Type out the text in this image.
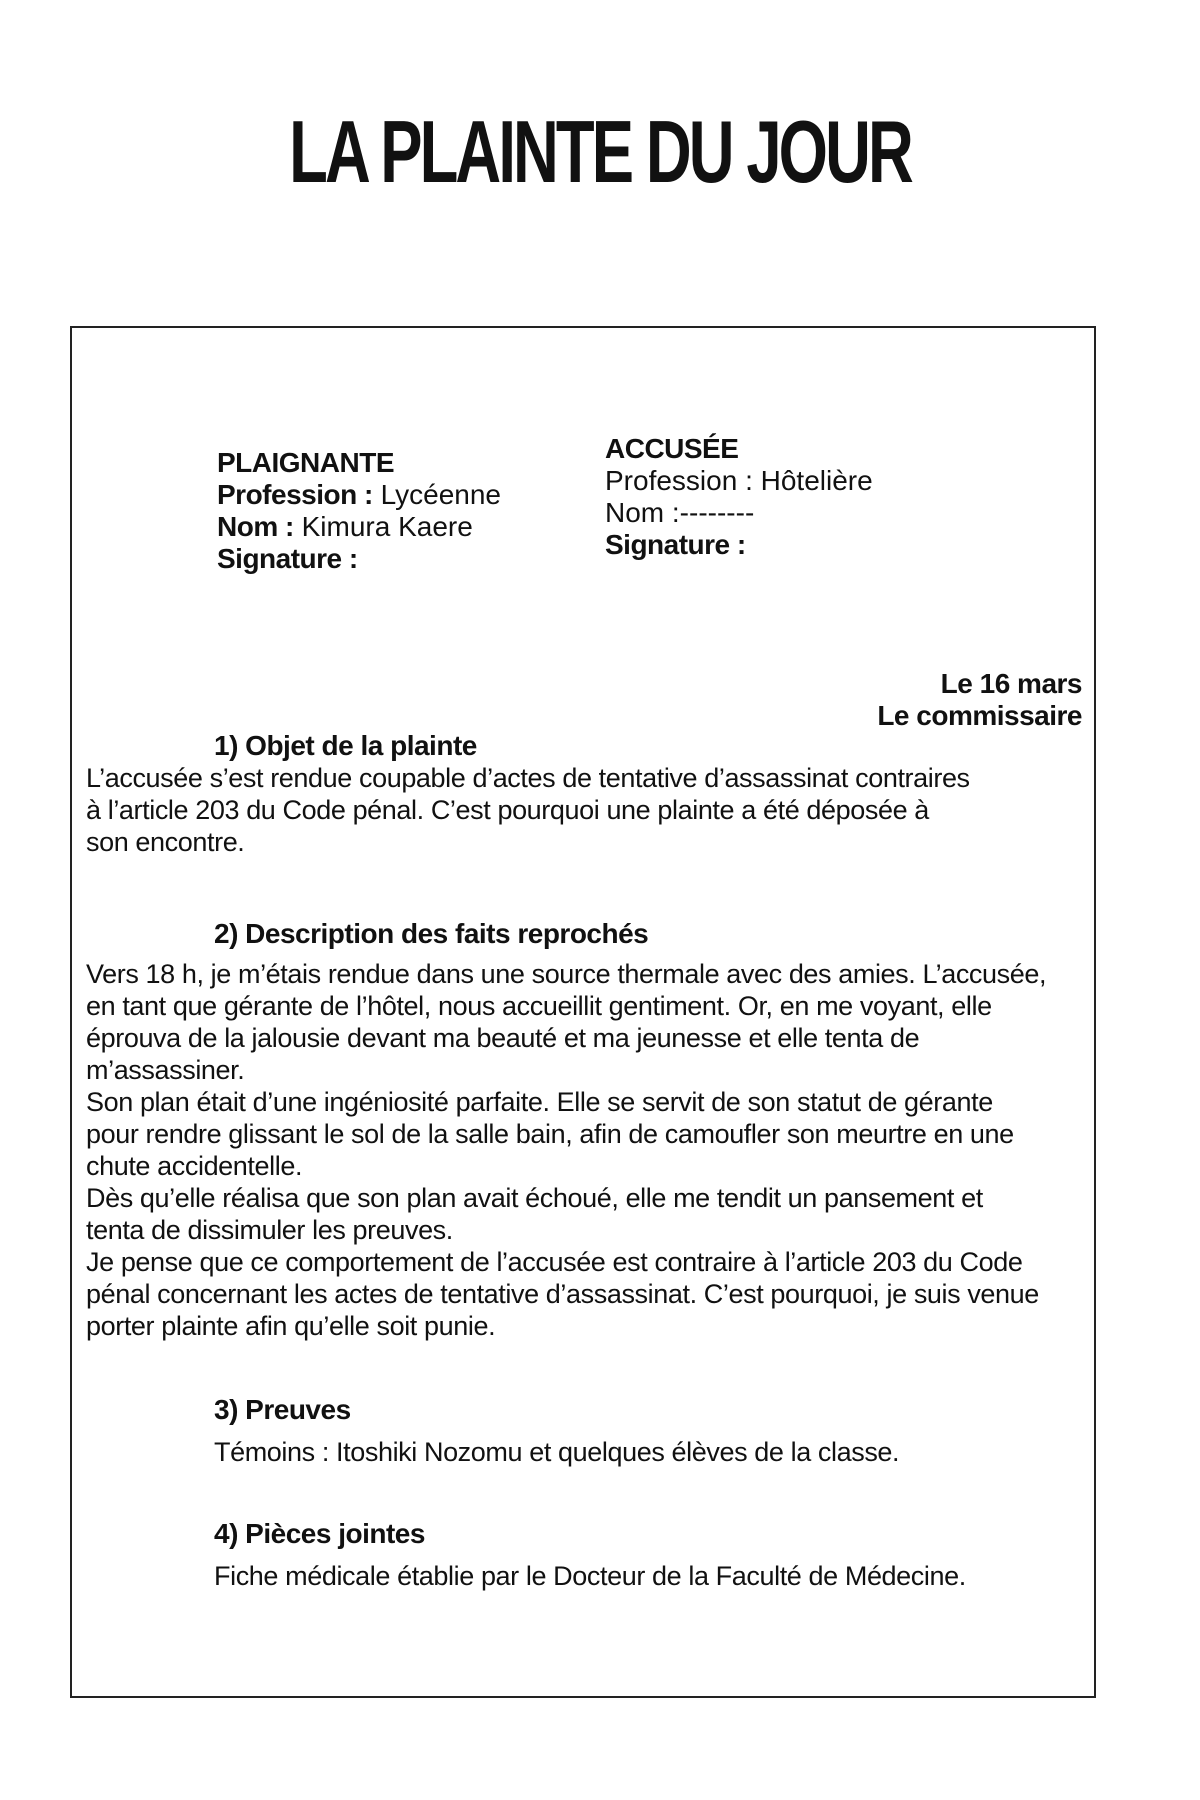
LA PLAINTE DU JOUR
PLAIGNANTE
Profession : Lycéenne
Nom : Kimura Kaere
Signature :
ACCUSÉE
Profession : Hôtelière
Nom :--------
Signature :
Le 16 mars
Le commissaire
1) Objet de la plainte
L’accusée s’est rendue coupable d’actes de tentative d’assassinat contraires
à l’article 203 du Code pénal. C’est pourquoi une plainte a été déposée à
son encontre.
2) Description des faits reprochés
Vers 18 h, je m’étais rendue dans une source thermale avec des amies. L’accusée,
en tant que gérante de l’hôtel, nous accueillit gentiment. Or, en me voyant, elle
éprouva de la jalousie devant ma beauté et ma jeunesse et elle tenta de
m’assassiner.
Son plan était d’une ingéniosité parfaite. Elle se servit de son statut de gérante
pour rendre glissant le sol de la salle bain, afin de camoufler son meurtre en une
chute accidentelle.
Dès qu’elle réalisa que son plan avait échoué, elle me tendit un pansement et
tenta de dissimuler les preuves.
Je pense que ce comportement de l’accusée est contraire à l’article 203 du Code
pénal concernant les actes de tentative d’assassinat. C’est pourquoi, je suis venue
porter plainte afin qu’elle soit punie.
3) Preuves
Témoins : Itoshiki Nozomu et quelques élèves de la classe.
4) Pièces jointes
Fiche médicale établie par le Docteur de la Faculté de Médecine.
